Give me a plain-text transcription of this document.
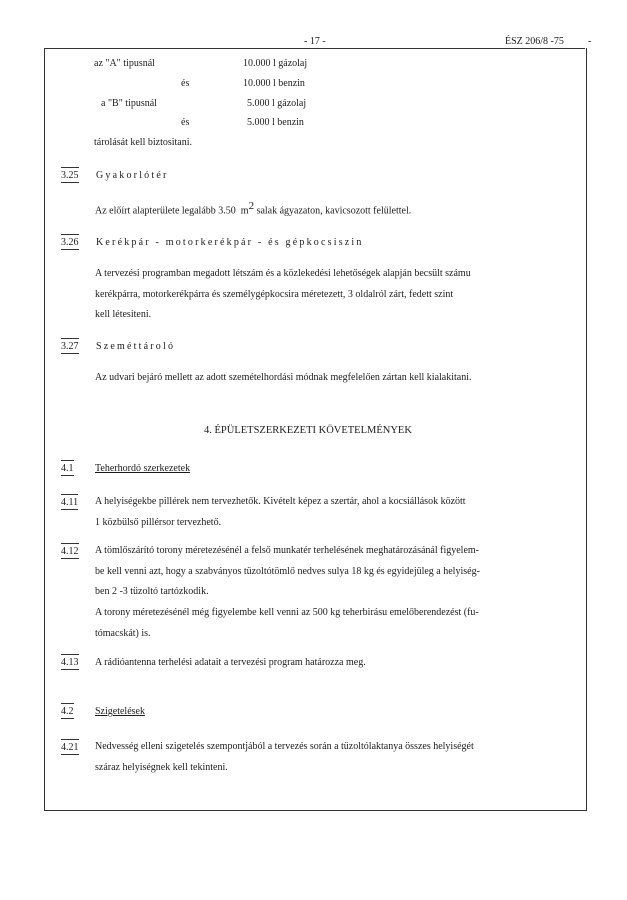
- 17 -	ÉSZ 206/8 -75 -
az "A" tipusnál	10.000 l gázolaj
és	10.000 l benzin
a "B" tipusnál	5.000 l gázolaj
és	5.000 l benzin
tárolását kell biztositani.
3.25 Gyakorlótér
Az előírt alapterülete legalább 3.50 $m^2$ salak ágyazaton, kavicsozott felülettel.
3.26 Kerékpár - motorkerékpár - és gépkocsiszin
A tervezési programban megadott létszám és a közlekedési lehetőségek alapján becsült számu
kerékpárra, motorkerékpárra és személygépkocsira méretezett, 3 oldalról zárt, fedett szint
kell létesiteni.
3.27 Szeméttároló
Az udvari bejáró mellett az adott szemételhordási módnak megfelelően zártan kell kialakitani.
4. ÉPÜLETSZERKEZETI KÖVETELMÉNYEK
4.1 Teherhordó szerkezetek
4.11 A helyiségekbe pillérek nem tervezhetők. Kivételt képez a szertár, ahol a kocsiállások között
1 közbülső pillérsor tervezhető.
4.12 A tömlőszárító torony méretezésénél a felső munkatér terhelésének meghatározásánál figyelem-
be kell venni azt, hogy a szabványos tüzoltótömlő nedves sulya 18 kg és egyidejüleg a helyiség-
ben 2 -3 tüzoltó tartózkodik.
A torony méretezésénél még figyelembe kell venni az 500 kg teherbirásu emelőberendezést (fu-
tómacskát) is.
4.13 A rádióantenna terhelési adatait a tervezési program határozza meg.
4.2 Szigetelések
4.21 Nedvesség elleni szigetelés szempontjából a tervezés során a tüzoltólaktanya összes helyiségét
száraz helyiségnek kell tekinteni.
